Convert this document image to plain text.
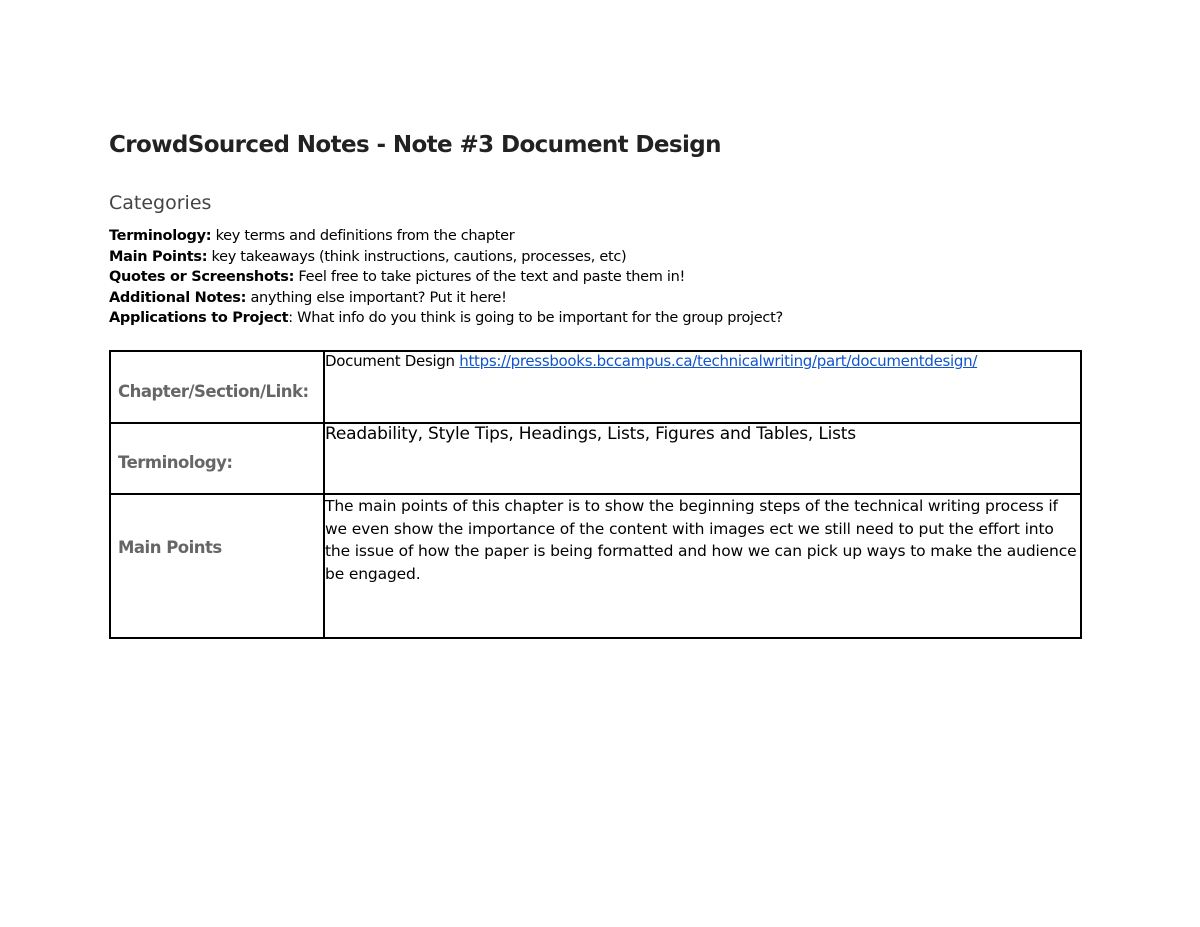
CrowdSourced Notes - Note #3 Document Design
Categories
Terminology: key terms and definitions from the chapter
Main Points: key takeaways (think instructions, cautions, processes, etc)
Quotes or Screenshots: Feel free to take pictures of the text and paste them in!
Additional Notes: anything else important? Put it here!
Applications to Project: What info do you think is going to be important for the group project?
Chapter/Section/Link:	Document Design https://pressbooks.bccampus.ca/technicalwriting/part/documentdesign/
Terminology:	Readability, Style Tips, Headings, Lists, Figures and Tables, Lists
Main Points	The main points of this chapter is to show the beginning steps of the technical writing process if we even show the importance of the content with images ect we still need to put the effort into the issue of how the paper is being formatted and how we can pick up ways to make the audience be engaged.
